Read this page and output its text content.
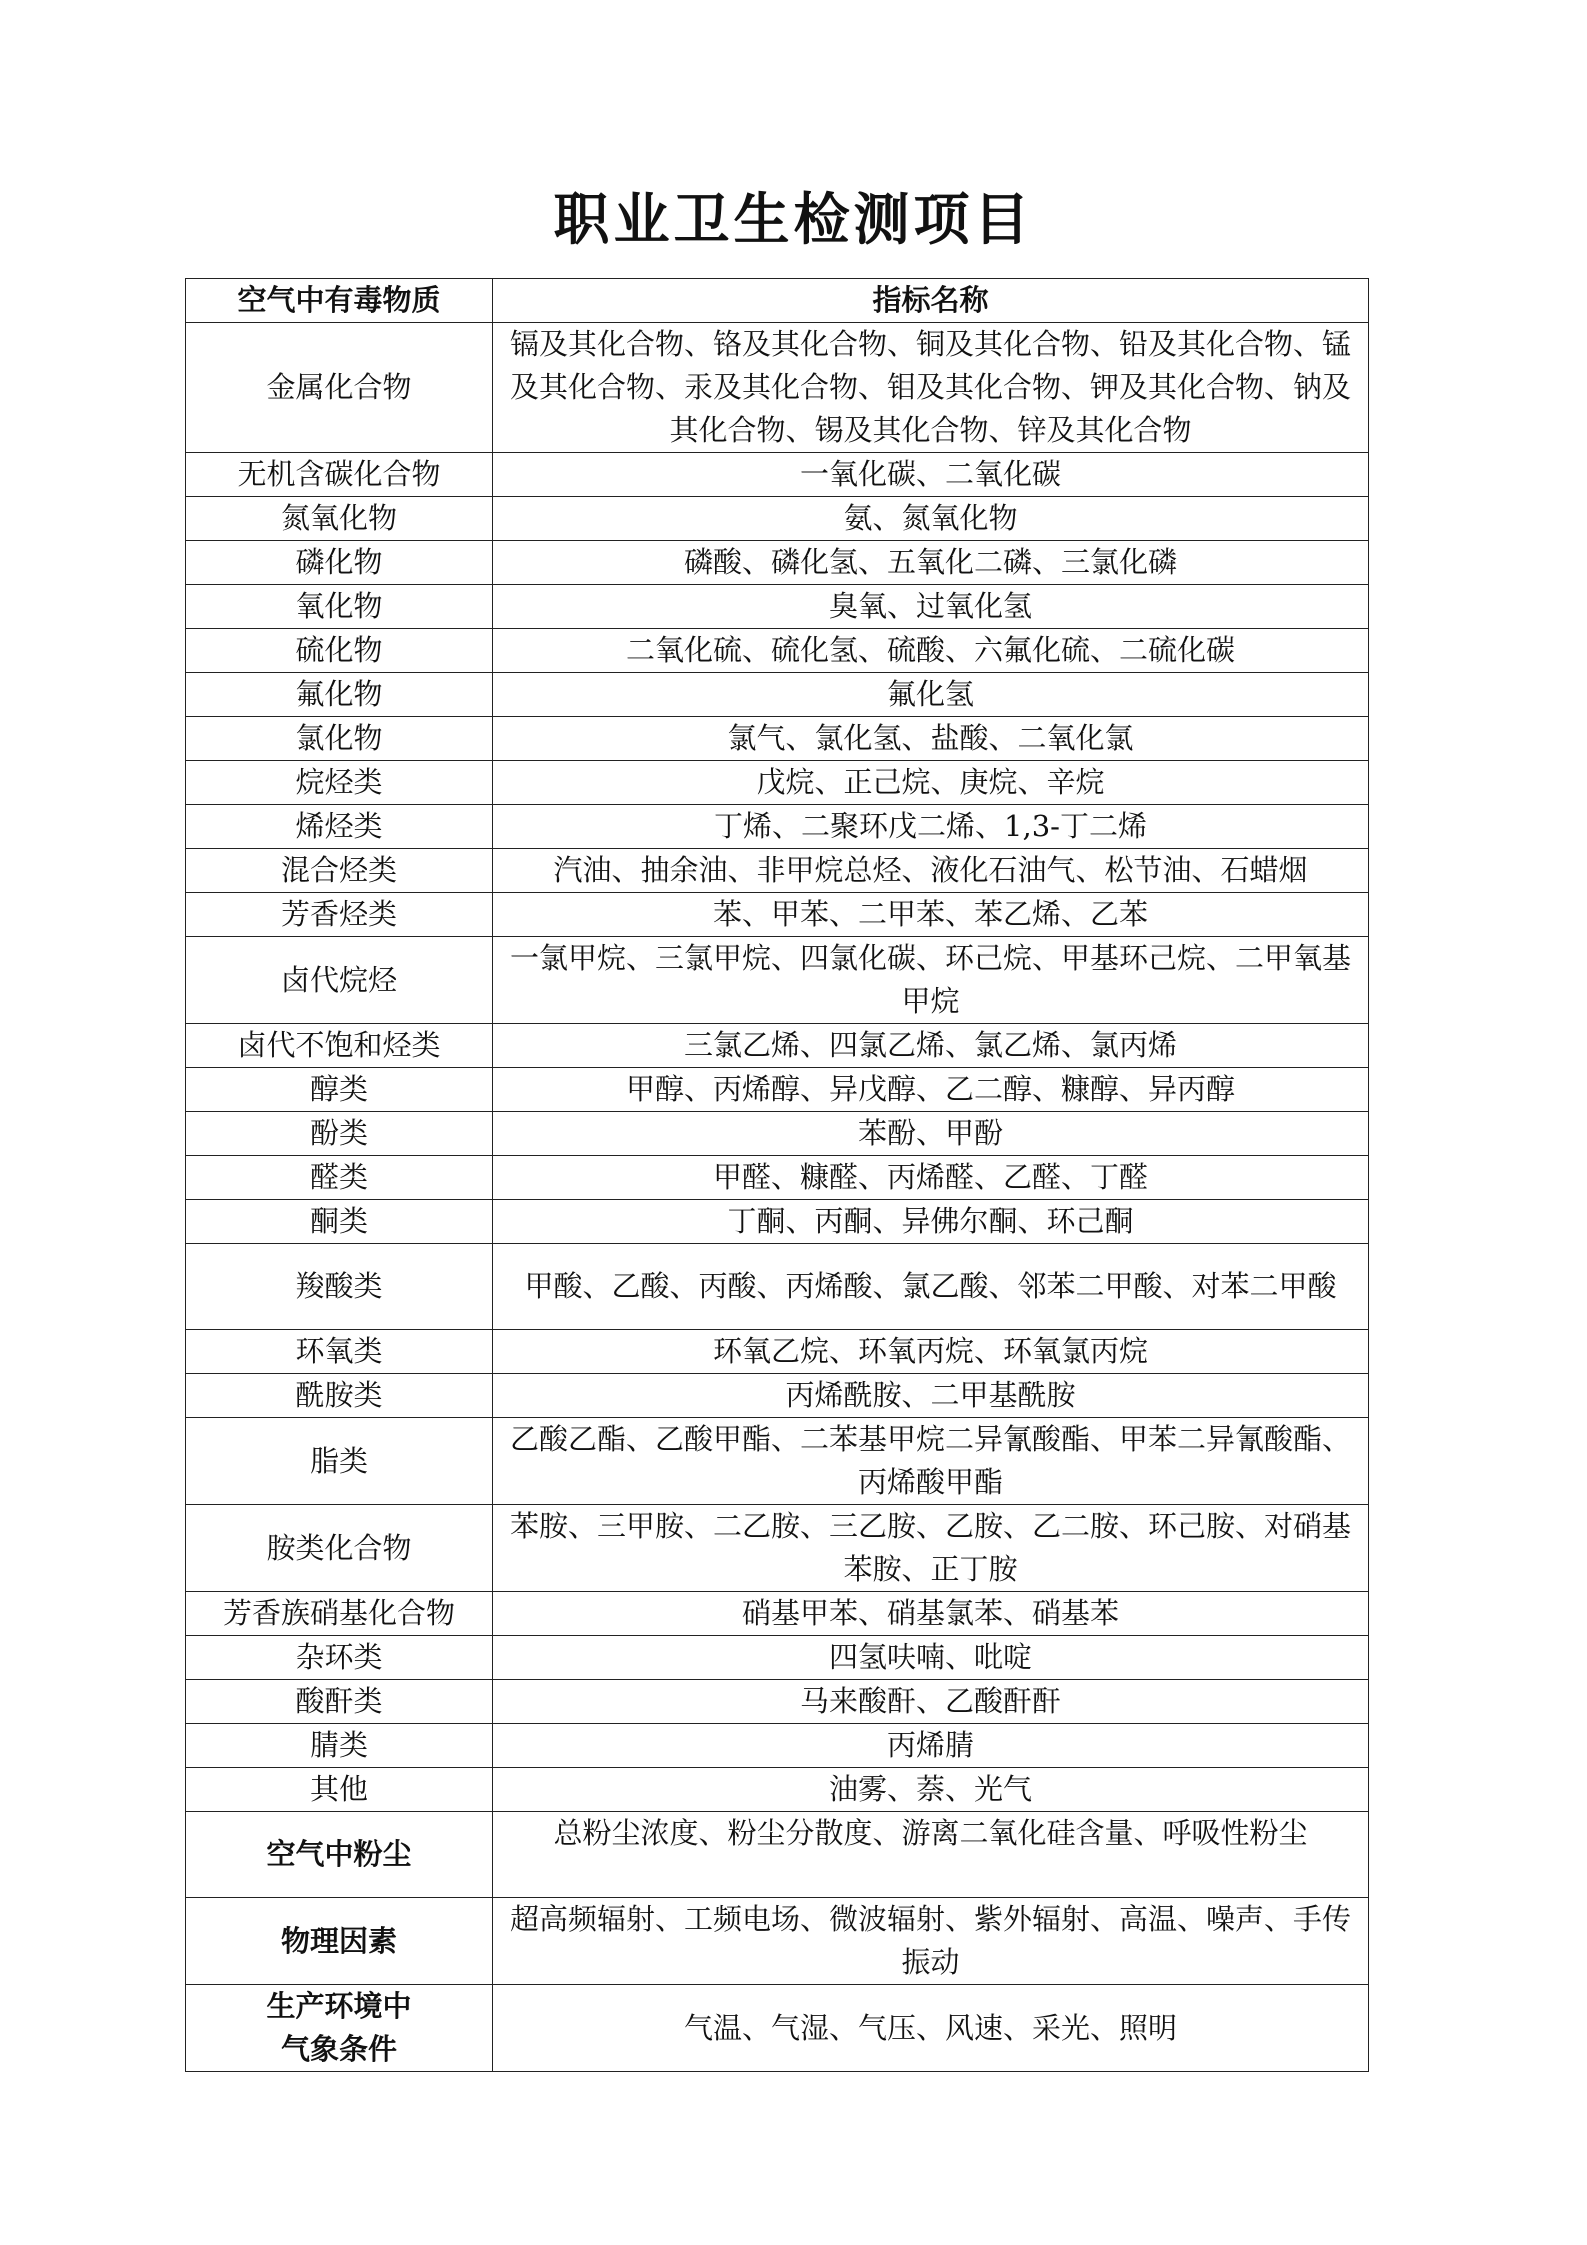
职业卫生检测项目
空气中有毒物质	指标名称
金属化合物	镉及其化合物、铬及其化合物、铜及其化合物、铅及其化合物、锰及其化合物、汞及其化合物、钼及其化合物、钾及其化合物、钠及其化合物、锡及其化合物、锌及其化合物
无机含碳化合物	一氧化碳、二氧化碳
氮氧化物	氨、氮氧化物
磷化物	磷酸、磷化氢、五氧化二磷、三氯化磷
氧化物	臭氧、过氧化氢
硫化物	二氧化硫、硫化氢、硫酸、六氟化硫、二硫化碳
氟化物	氟化氢
氯化物	氯气、氯化氢、盐酸、二氧化氯
烷烃类	戊烷、正己烷、庚烷、辛烷
烯烃类	丁烯、二聚环戊二烯、1,3-丁二烯
混合烃类	汽油、抽余油、非甲烷总烃、液化石油气、松节油、石蜡烟
芳香烃类	苯、甲苯、二甲苯、苯乙烯、乙苯
卤代烷烃	一氯甲烷、三氯甲烷、四氯化碳、环己烷、甲基环己烷、二甲氧基甲烷
卤代不饱和烃类	三氯乙烯、四氯乙烯、氯乙烯、氯丙烯
醇类	甲醇、丙烯醇、异戊醇、乙二醇、糠醇、异丙醇
酚类	苯酚、甲酚
醛类	甲醛、糠醛、丙烯醛、乙醛、丁醛
酮类	丁酮、丙酮、异佛尔酮、环己酮
羧酸类	甲酸、乙酸、丙酸、丙烯酸、氯乙酸、邻苯二甲酸、对苯二甲酸
环氧类	环氧乙烷、环氧丙烷、环氧氯丙烷
酰胺类	丙烯酰胺、二甲基酰胺
脂类	乙酸乙酯、乙酸甲酯、二苯基甲烷二异氰酸酯、甲苯二异氰酸酯、丙烯酸甲酯
胺类化合物	苯胺、三甲胺、二乙胺、三乙胺、乙胺、乙二胺、环己胺、对硝基苯胺、正丁胺
芳香族硝基化合物	硝基甲苯、硝基氯苯、硝基苯
杂环类	四氢呋喃、吡啶
酸酐类	马来酸酐、乙酸酐酐
腈类	丙烯腈
其他	油雾、萘、光气
空气中粉尘	总粉尘浓度、粉尘分散度、游离二氧化硅含量、呼吸性粉尘
物理因素	超高频辐射、工频电场、微波辐射、紫外辐射、高温、噪声、手传振动

生产环境中
气象条件	气温、气湿、气压、风速、采光、照明
